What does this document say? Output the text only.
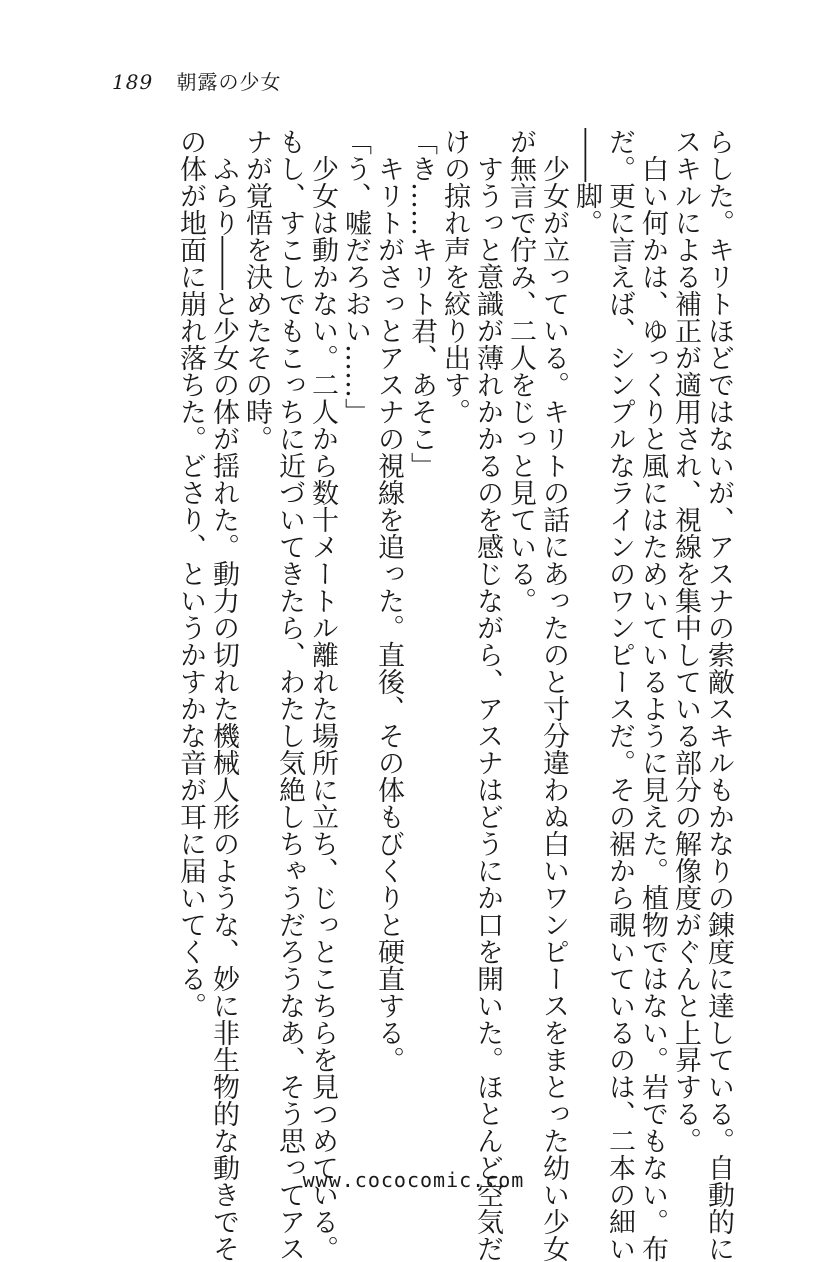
189 朝露の少女

らした。キリトほどではないが、アスナの索敵スキルもかなりの錬度に達している。自動的に

スキルによる補正が適用され、視線を集中している部分の解像度がぐんと上昇する。

　白い何かは、ゆっくりと風にはためいているように見えた。植物ではない。岩でもない。布

だ。更に言えば、シンプルなラインのワンピースだ。その裾から覗いているのは、二本の細い

――脚。

　少女が立っている。キリトの話にあったのと寸分違わぬ白いワンピースをまとった幼い少女

が無言で佇み、二人をじっと見ている。

　すうっと意識が薄れかかるのを感じながら、アスナはどうにか口を開いた。ほとんど空気だ

けの掠れ声を絞り出す。

「き……キリト君、あそこ」

　キリトがさっとアスナの視線を追った。直後、その体もびくりと硬直する。

「う、嘘だろおい……」

　少女は動かない。二人から数十メートル離れた場所に立ち、じっとこちらを見つめている。

もし、すこしでもこっちに近づいてきたら、わたし気絶しちゃうだろうなあ、そう思ってアス

ナが覚悟を決めたその時。

　ふらり――と少女の体が揺れた。動力の切れた機械人形のような、妙に非生物的な動きでそ

の体が地面に崩れ落ちた。どさり、というかすかな音が耳に届いてくる。

www.cococomic.com
